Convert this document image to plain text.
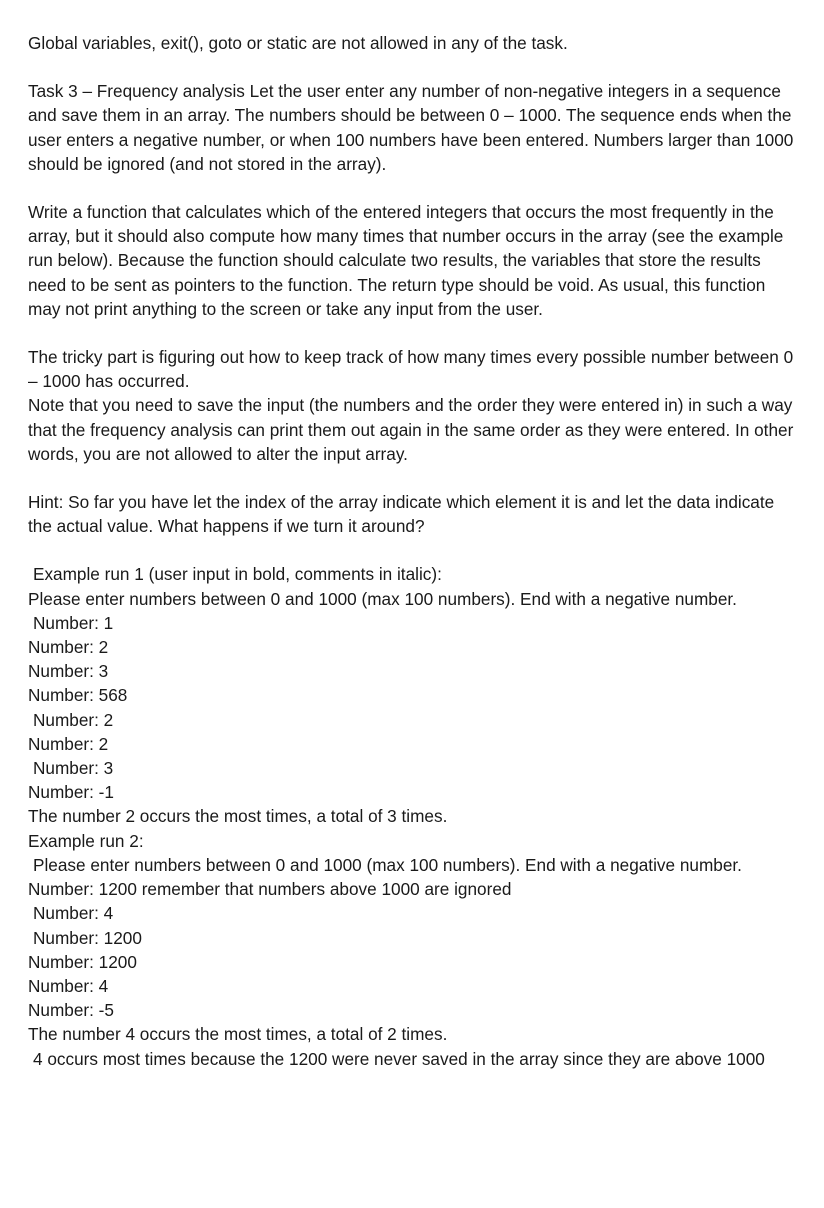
Global variables, exit(), goto or static are not allowed in any of the task.

Task 3 – Frequency analysis Let the user enter any number of non-negative integers in a sequence and save them in an array. The numbers should be between 0 – 1000. The sequence ends when the user enters a negative number, or when 100 numbers have been entered. Numbers larger than 1000 should be ignored (and not stored in the array).

Write a function that calculates which of the entered integers that occurs the most frequently in the array, but it should also compute how many times that number occurs in the array (see the example run below). Because the function should calculate two results, the variables that store the results need to be sent as pointers to the function. The return type should be void. As usual, this function may not print anything to the screen or take any input from the user.

The tricky part is figuring out how to keep track of how many times every possible number between 0 – 1000 has occurred.

Note that you need to save the input (the numbers and the order they were entered in) in such a way that the frequency analysis can print them out again in the same order as they were entered. In other words, you are not allowed to alter the input array.

Hint: So far you have let the index of the array indicate which element it is and let the data indicate the actual value. What happens if we turn it around?

Example run 1 (user input in bold, comments in italic):
Please enter numbers between 0 and 1000 (max 100 numbers). End with a negative number.
Number: 1
Number: 2
Number: 3
Number: 568
Number: 2
Number: 2
Number: 3
Number: -1
The number 2 occurs the most times, a total of 3 times.
Example run 2:
Please enter numbers between 0 and 1000 (max 100 numbers). End with a negative number.
Number: 1200 remember that numbers above 1000 are ignored
Number: 4
Number: 1200
Number: 1200
Number: 4
Number: -5
The number 4 occurs the most times, a total of 2 times.
4 occurs most times because the 1200 were never saved in the array since they are above 1000
